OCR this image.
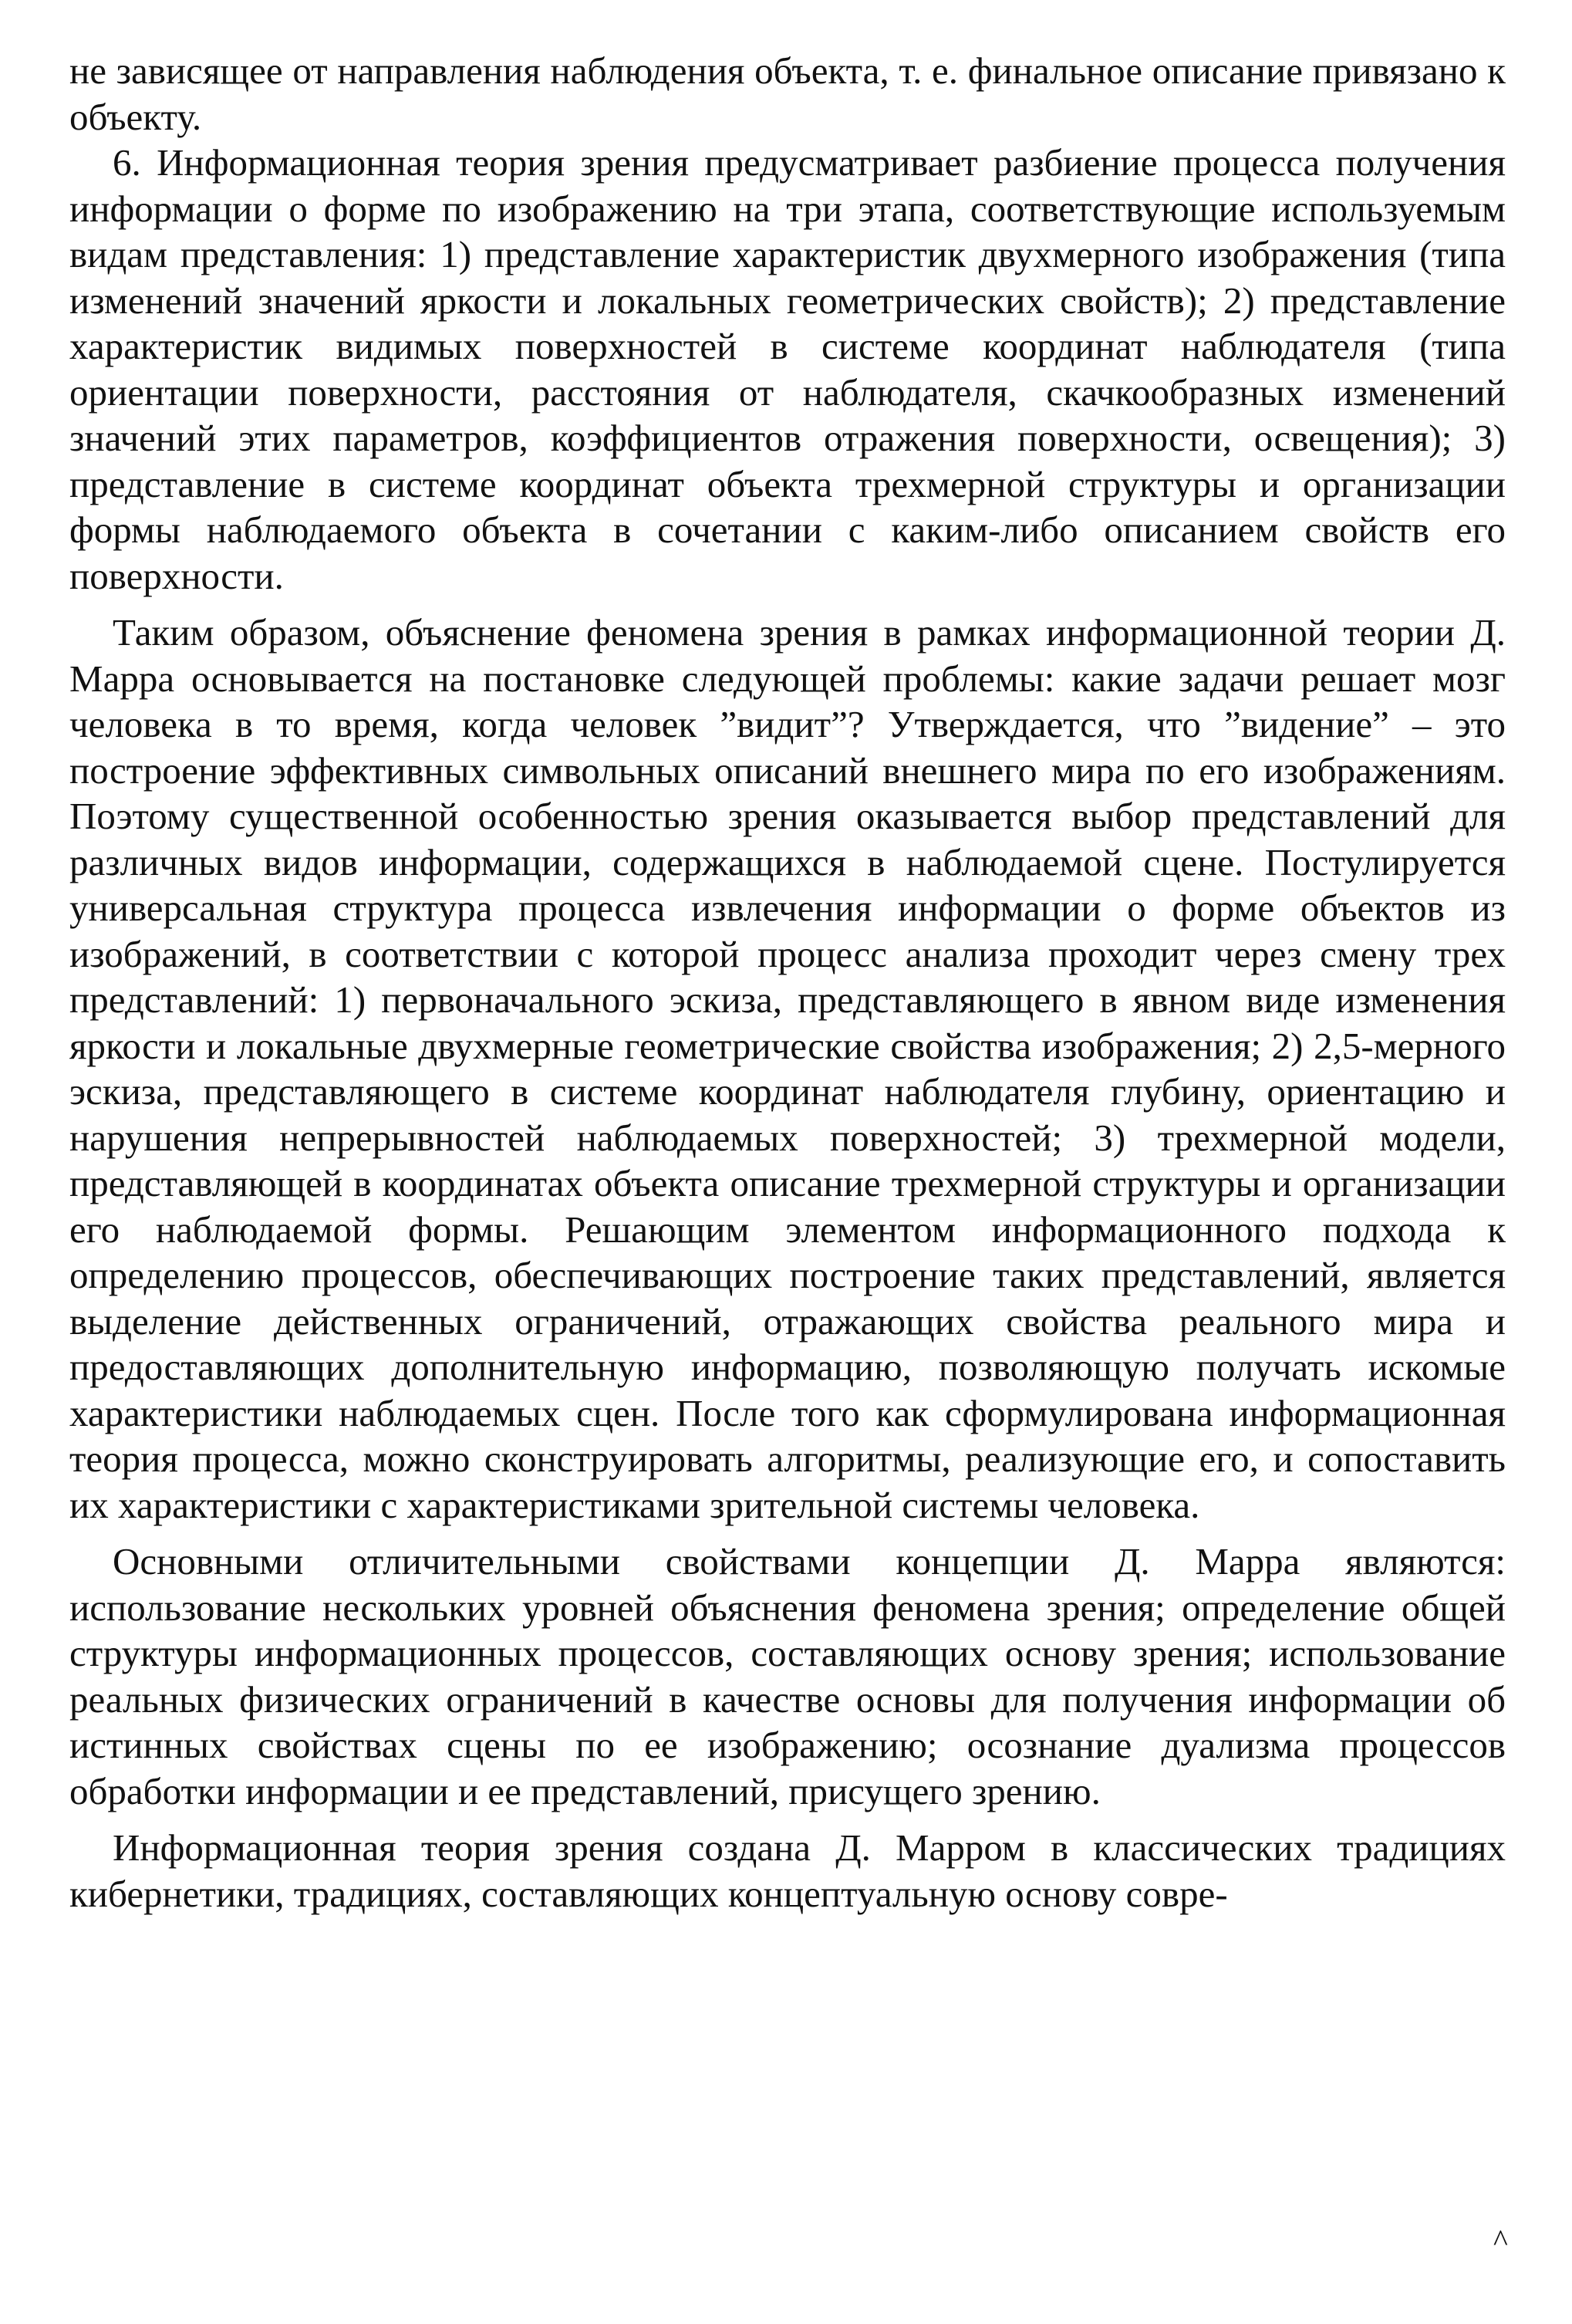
не зависящее от направления наблюдения объекта, т. е. финальное описание привязано к объекту.

6. Информационная теория зрения предусматривает разбиение процесса получения информации о форме по изображению на три этапа, соответствующие используемым видам представления: 1) представление характеристик двухмерного изображения (типа изменений значений яркости и локальных геометрических свойств); 2) представление характеристик видимых поверхностей в системе координат наблюдателя (типа ориентации поверхности, расстояния от наблюдателя, скачкообразных изменений значений этих параметров, коэффициентов отражения поверхности, освещения); 3) представление в системе координат объекта трехмерной структуры и организации формы наблюдаемого объекта в сочетании с каким-либо описанием свойств его поверхности.

Таким образом, объяснение феномена зрения в рамках информационной теории Д. Марра основывается на постановке следующей проблемы: какие задачи решает мозг человека в то время, когда человек ”видит”? Утверждается, что ”видение” – это построение эффективных символьных описаний внешнего мира по его изображениям. Поэтому существенной особенностью зрения оказывается выбор представлений для различных видов информации, содержащихся в наблюдаемой сцене. Постулируется универсальная структура процесса извлечения информации о форме объектов из изображений, в соответствии с которой процесс анализа проходит через смену трех представлений: 1) первоначального эскиза, представляющего в явном виде изменения яркости и локальные двухмерные геометрические свойства изображения; 2) 2,5-мерного эскиза, представляющего в системе координат наблюдателя глубину, ориентацию и нарушения непрерывностей наблюдаемых поверхностей; 3) трехмерной модели, представляющей в координатах объекта описание трехмерной структуры и организации его наблюдаемой формы. Решающим элементом информационного подхода к определению процессов, обеспечивающих построение таких представлений, является выделение действенных ограничений, отражающих свойства реального мира и предоставляющих дополнительную информацию, позволяющую получать искомые характеристики наблюдаемых сцен. После того как сформулирована информационная теория процесса, можно сконструировать алгоритмы, реализующие его, и сопоставить их характеристики с характеристиками зрительной системы человека.

Основными отличительными свойствами концепции Д. Марра являются: использование нескольких уровней объяснения феномена зрения; определение общей структуры информационных процессов, составляющих основу зрения; использование реальных физических ограничений в качестве основы для получения информации об истинных свойствах сцены по ее изображению; осознание дуализма процессов обработки информации и ее представлений, присущего зрению.

Информационная теория зрения создана Д. Марром в классических традициях кибернетики, традициях, составляющих концептуальную основу совре-

^
